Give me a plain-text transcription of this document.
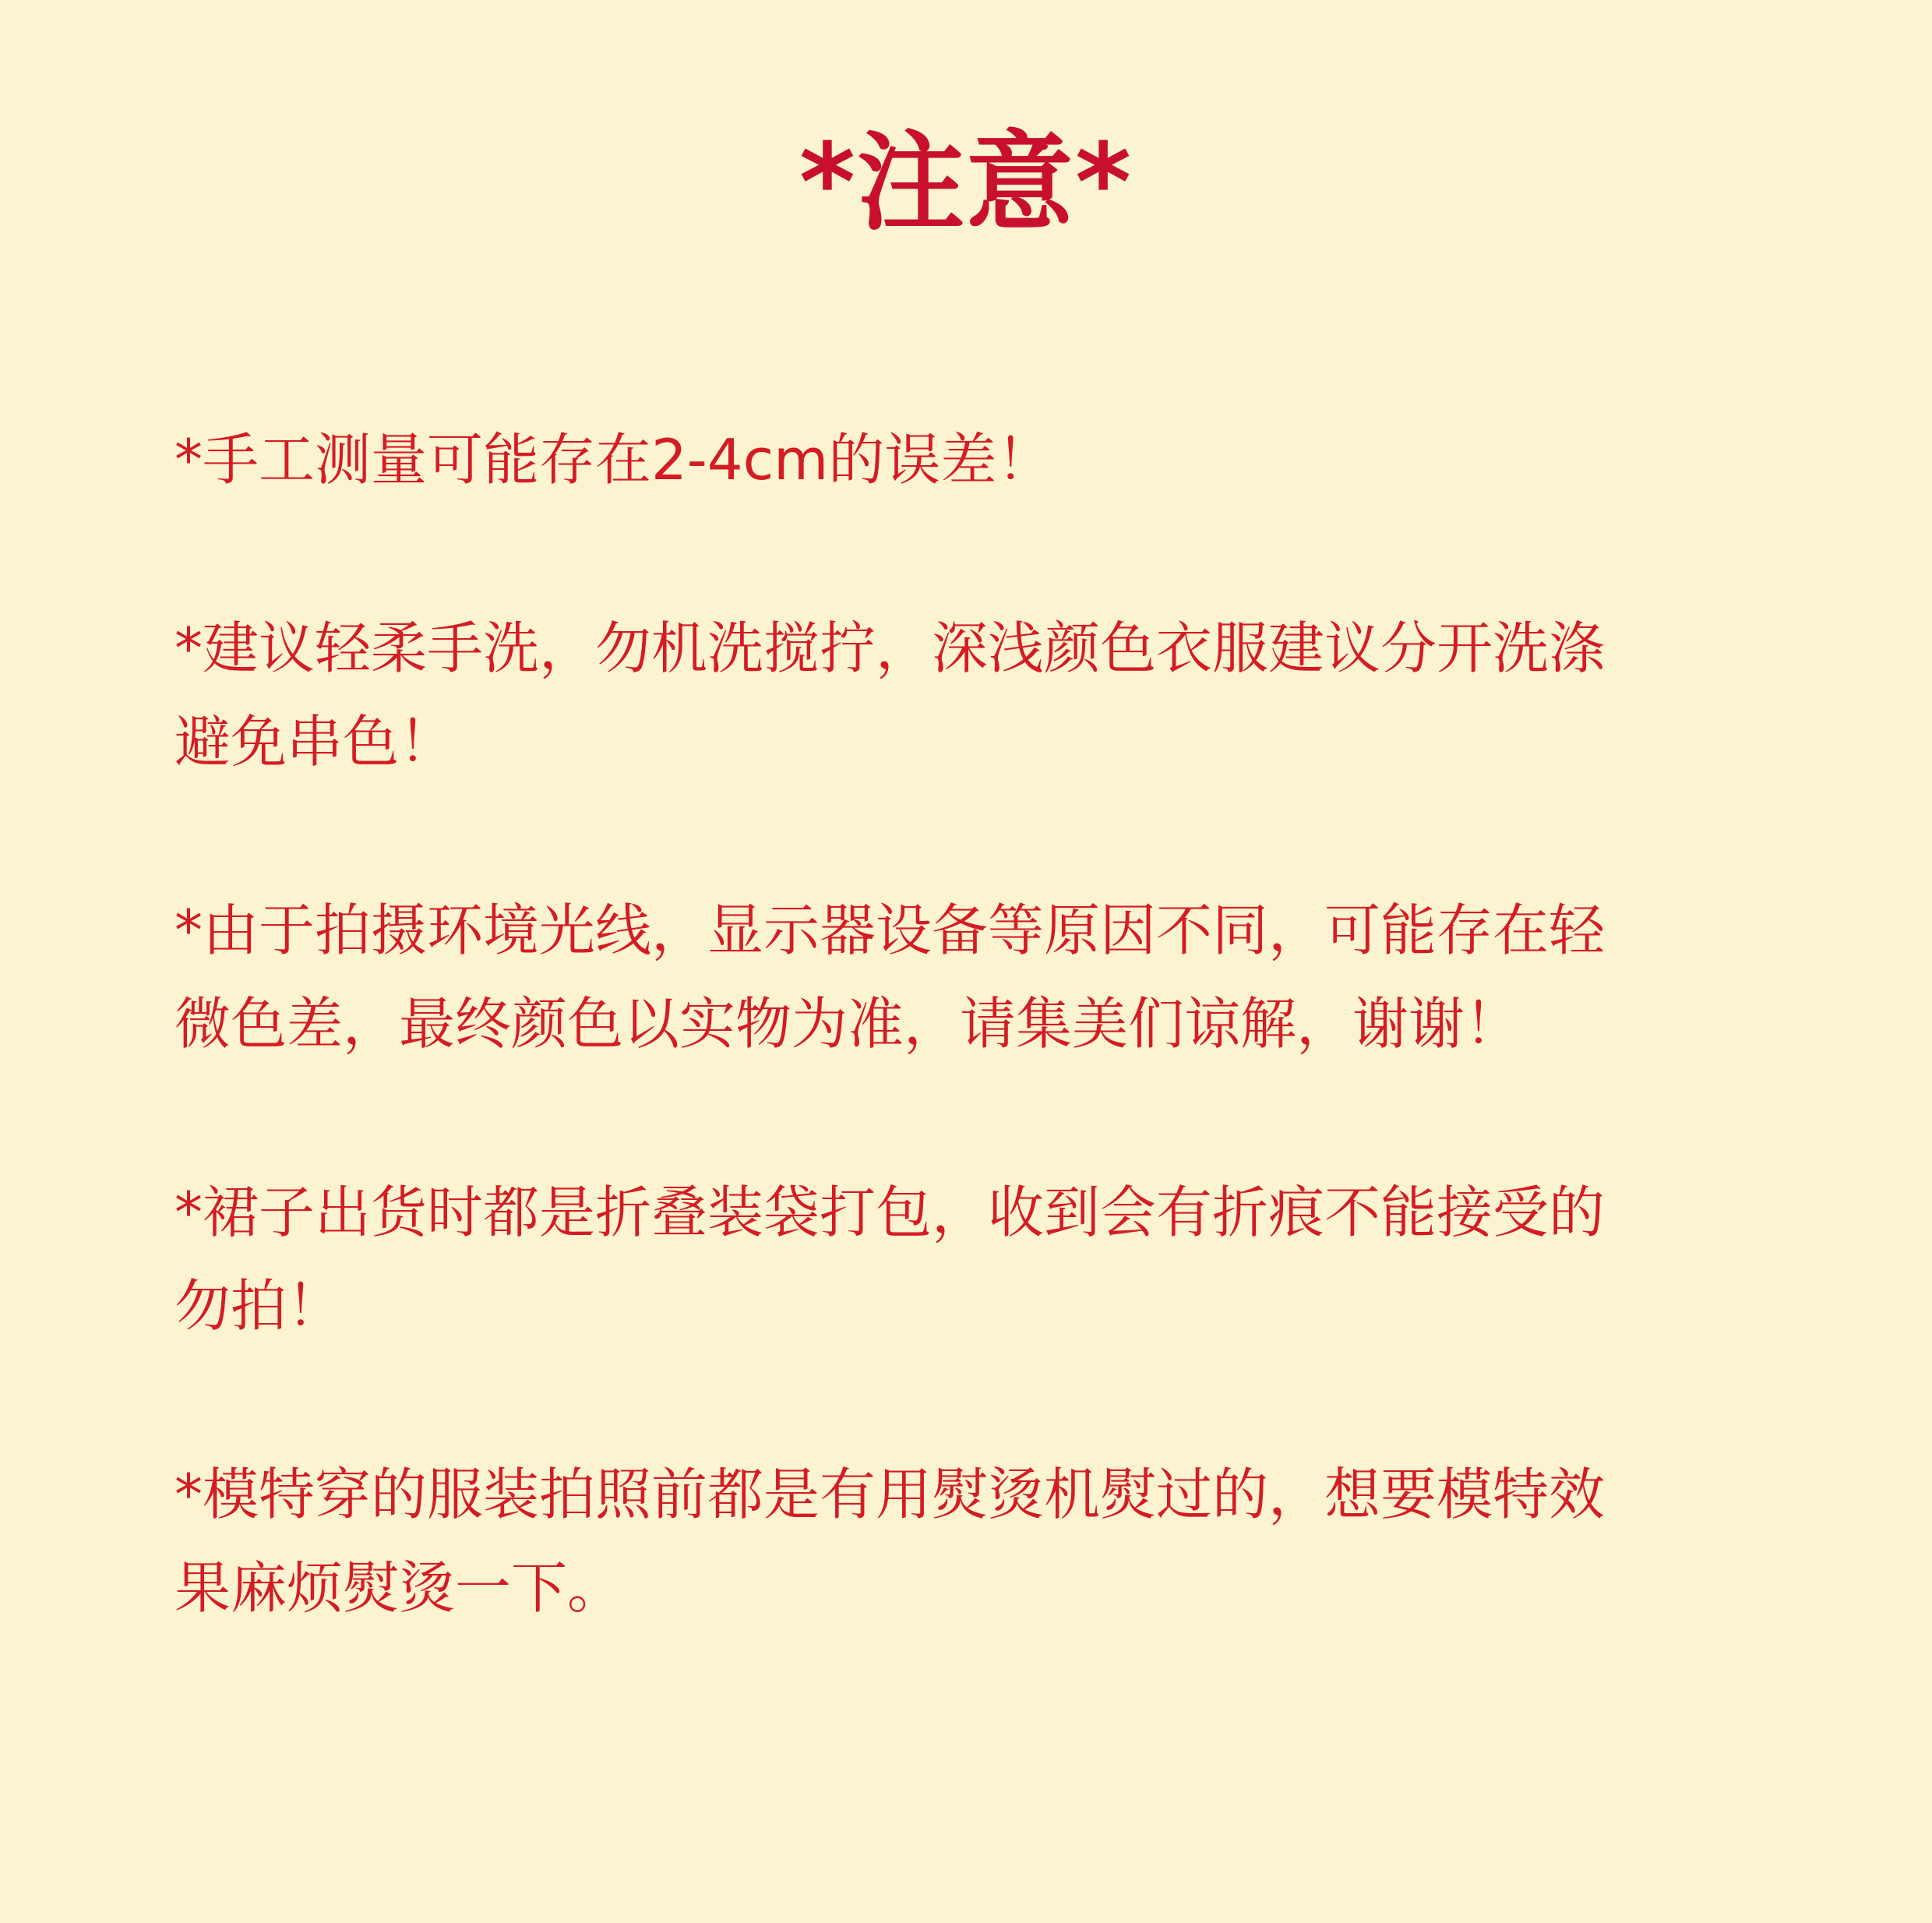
*注意*

*手工测量可能存在2-4cm的误差！

*建议轻柔手洗，勿机洗搅拧，深浅颜色衣服建议分开洗涤
避免串色！

*由于拍摄环境光线，显示器设备等原因不同，可能存在轻
微色差，最终颜色以实物为准，请集美们谅解，谢谢！

*裙子出货时都是折叠装袋打包，收到会有折痕不能接受的
勿拍！

*模特穿的服装拍照前都是有用熨烫机熨过的，想要模特效
果麻烦熨烫一下。
